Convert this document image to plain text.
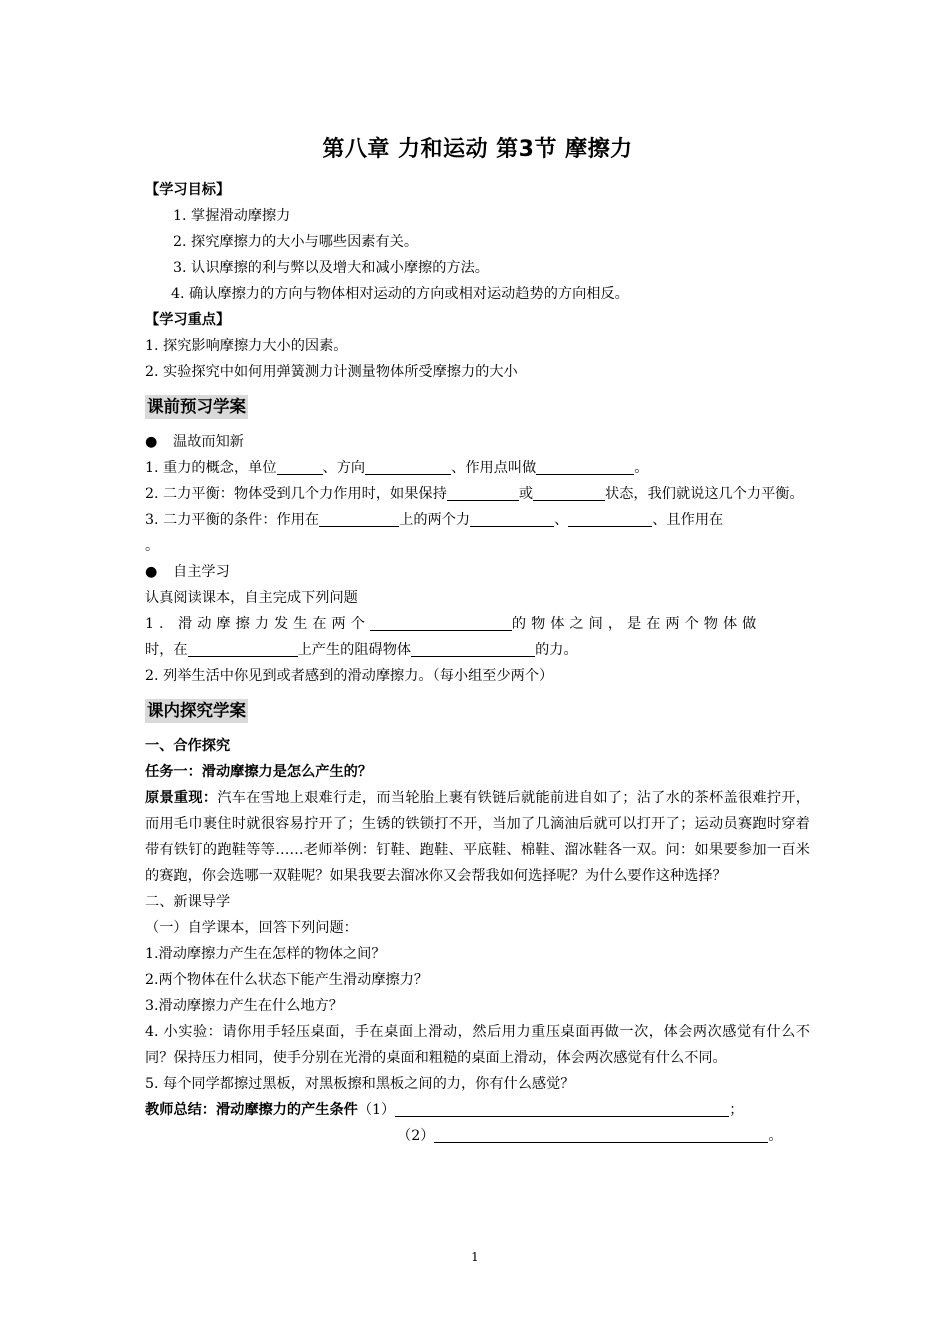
第八章 力和运动 第3节 摩擦力
【学习目标】
1. 掌握滑动摩擦力
2. 探究摩擦力的大小与哪些因素有关。
3. 认识摩擦的利与弊以及增大和减小摩擦的方法。
4. 确认摩擦力的方向与物体相对运动的方向或相对运动趋势的方向相反。
【学习重点】
1. 探究影响摩擦力大小的因素。
2. 实验探究中如何用弹簧测力计测量物体所受摩擦力的大小
课前预习学案
● 温故而知新
1. 重力的概念，单位	、方向	、作用点叫做	。
2. 二力平衡：物体受到几个力作用时，如果保持	或	状态，我们就说这几个力平衡。
3. 二力平衡的条件：作用在	上的两个力	、	、且作用在
。
● 自主学习
认真阅读课本，自主完成下列问题
1. 滑动摩擦力发生在两个	的物体之间，是在两个物体做
时，在	上产生的阻碍物体	的力。
2. 列举生活中你见到或者感到的滑动摩擦力。（每小组至少两个）
课内探究学案
一、合作探究
任务一：滑动摩擦力是怎么产生的？
原景重现：汽车在雪地上艰难行走，而当轮胎上裹有铁链后就能前进自如了；沾了水的茶杯盖很难拧开，而用毛巾裹住时就很容易拧开了；生锈的铁锁打不开，当加了几滴油后就可以打开了；运动员赛跑时穿着带有铁钉的跑鞋等等……老师举例：钉鞋、跑鞋、平底鞋、棉鞋、溜冰鞋各一双。问：如果要参加一百米的赛跑，你会选哪一双鞋呢？如果我要去溜冰你又会帮我如何选择呢？为什么要作这种选择？
二、新课导学
（一）自学课本，回答下列问题：
1.滑动摩擦力产生在怎样的物体之间？
2.两个物体在什么状态下能产生滑动摩擦力？
3.滑动摩擦力产生在什么地方？
4. 小实验：请你用手轻压桌面，手在桌面上滑动，然后用力重压桌面再做一次，体会两次感觉有什么不同？保持压力相同，使手分别在光滑的桌面和粗糙的桌面上滑动，体会两次感觉有什么不同。
5. 每个同学都擦过黑板，对黑板擦和黑板之间的力，你有什么感觉？
教师总结：滑动摩擦力的产生条件（1）	；
（2）	。
1
